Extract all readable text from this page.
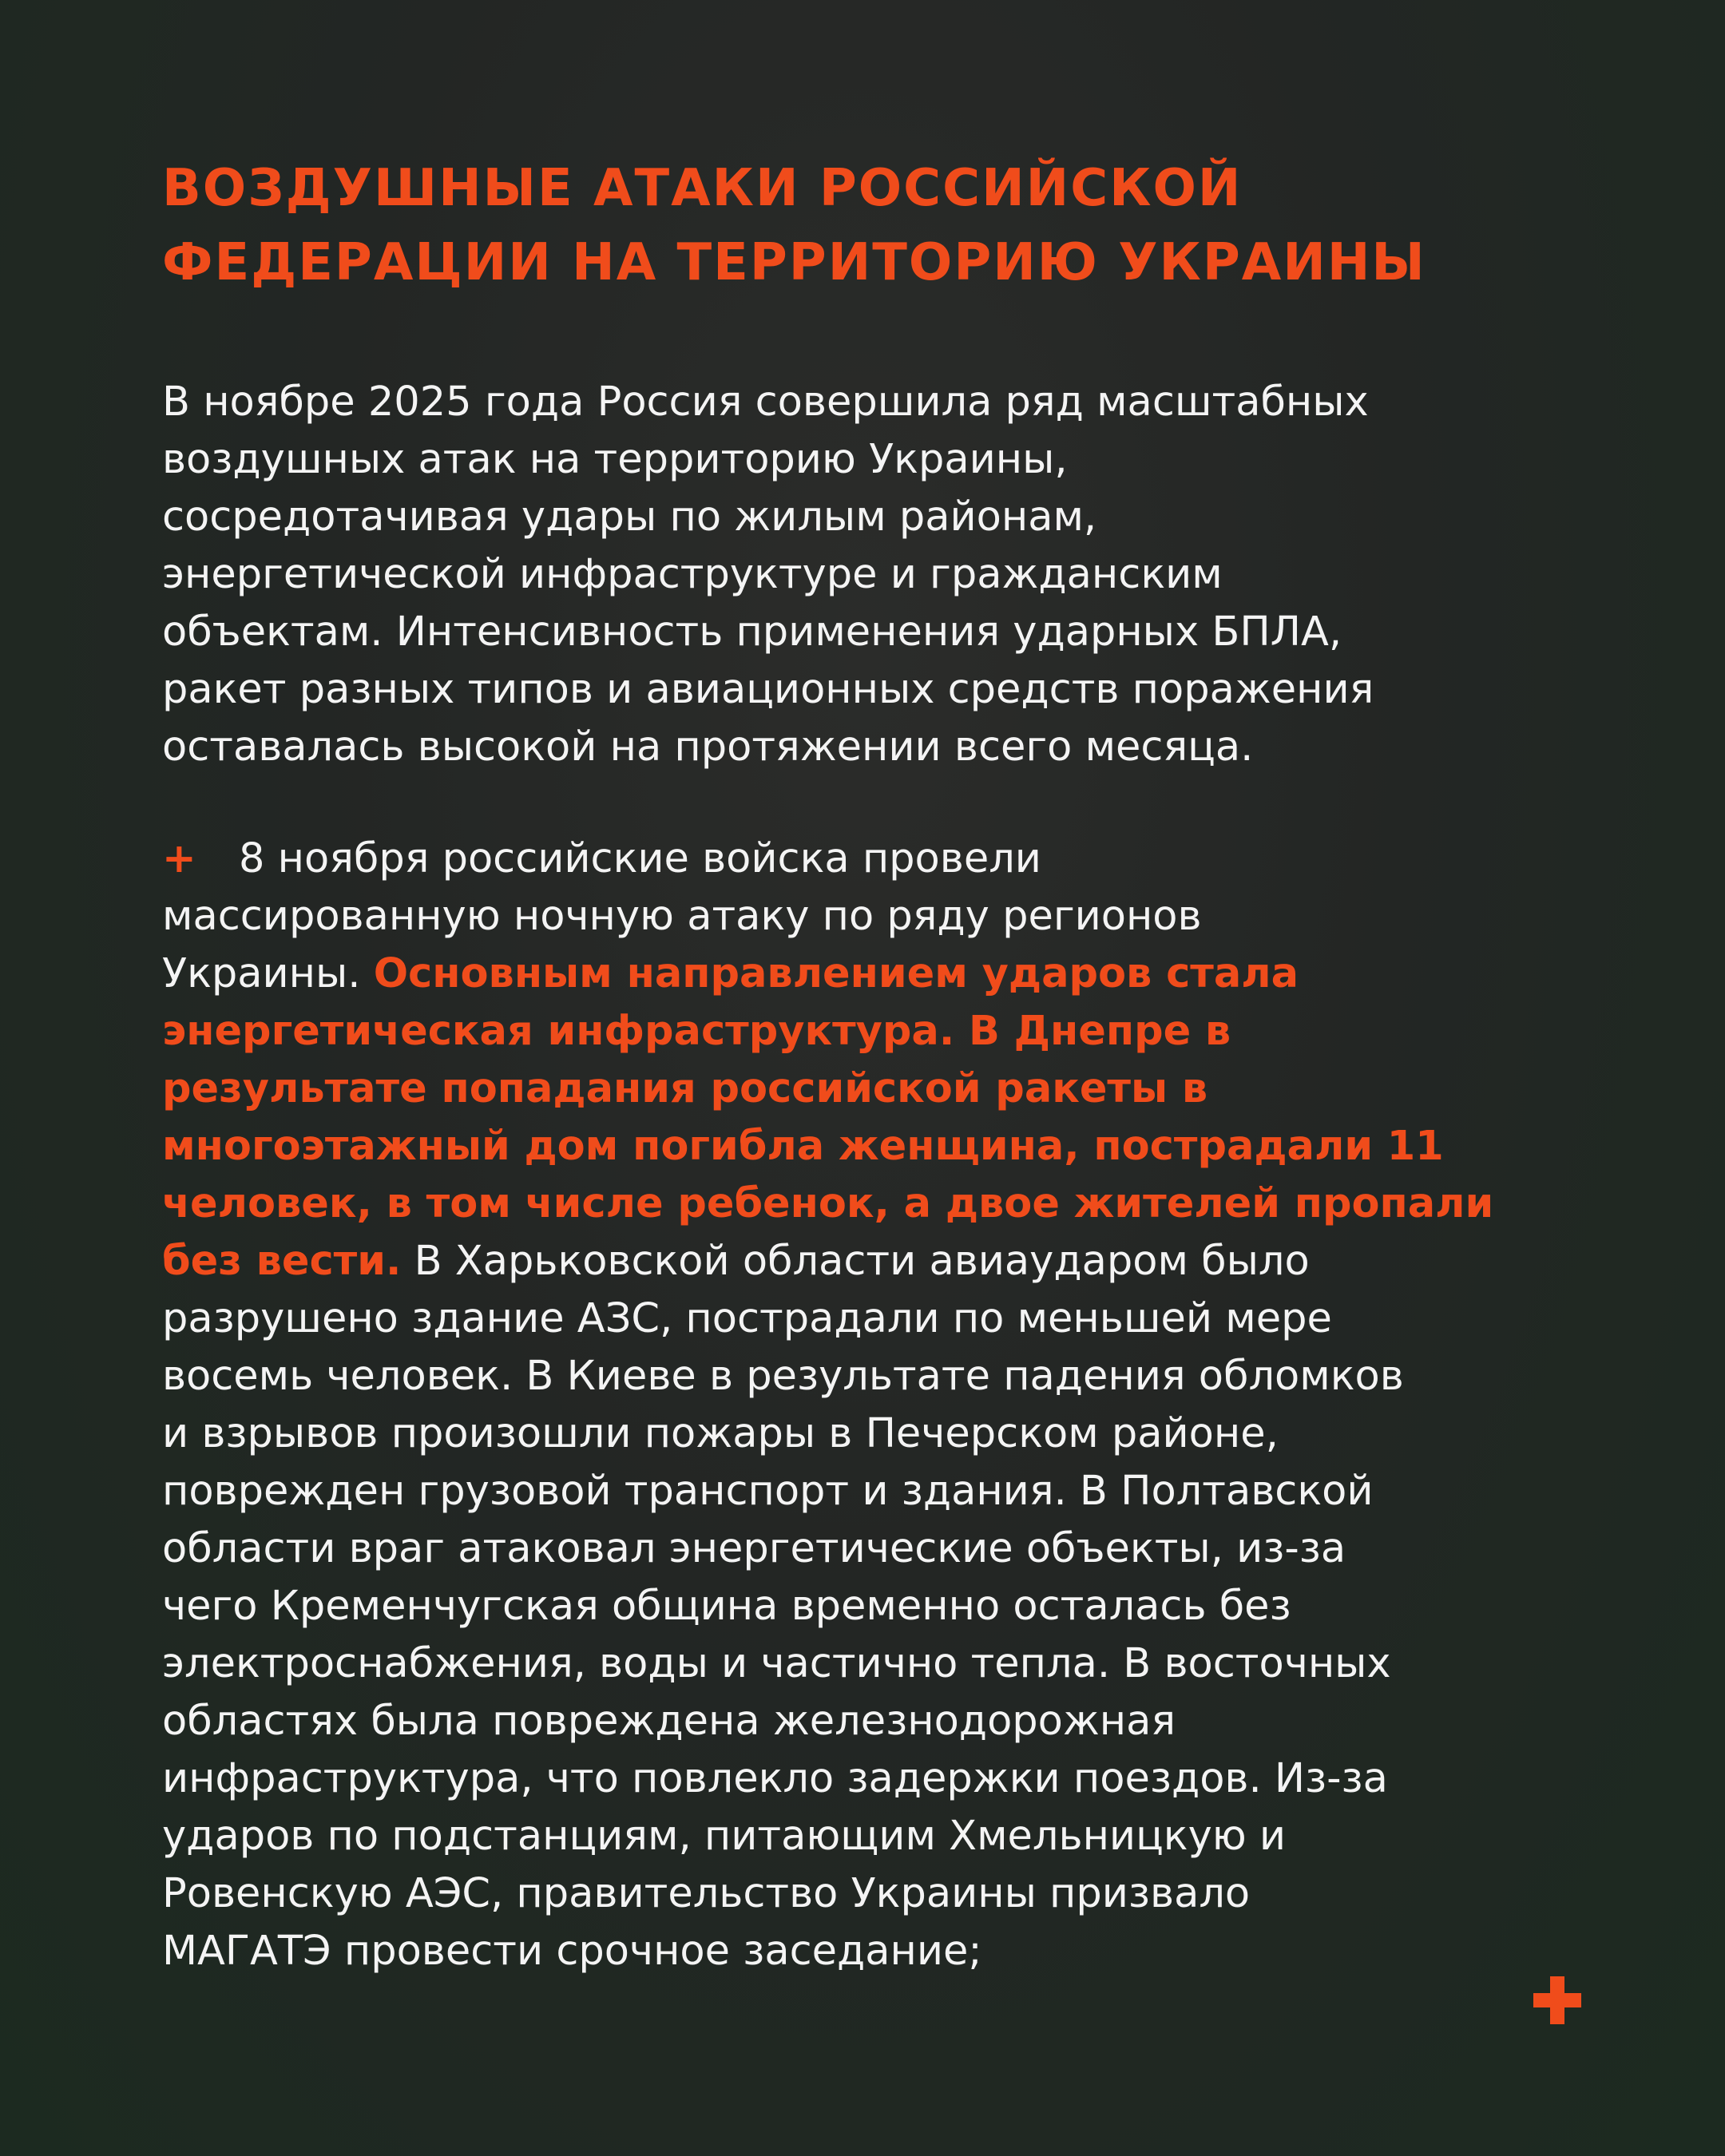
ВОЗДУШНЫЕ АТАКИ РОССИЙСКОЙ
ФЕДЕРАЦИИ НА ТЕРРИТОРИЮ УКРАИНЫ

В ноябре 2025 года Россия совершила ряд масштабных
воздушных атак на территорию Украины,
сосредотачивая удары по жилым районам,
энергетической инфраструктуре и гражданским
объектам. Интенсивность применения ударных БПЛА,
ракет разных типов и авиационных средств поражения
оставалась высокой на протяжении всего месяца.

+ 8 ноября российские войска провели
массированную ночную атаку по ряду регионов
Украины. Основным направлением ударов стала
энергетическая инфраструктура. В Днепре в
результате попадания российской ракеты в
многоэтажный дом погибла женщина, пострадали 11
человек, в том числе ребенок, а двое жителей пропали
без вести. В Харьковской области авиаударом было
разрушено здание АЗС, пострадали по меньшей мере
восемь человек. В Киеве в результате падения обломков
и взрывов произошли пожары в Печерском районе,
поврежден грузовой транспорт и здания. В Полтавской
области враг атаковал энергетические объекты, из-за
чего Кременчугская община временно осталась без
электроснабжения, воды и частично тепла. В восточных
областях была повреждена железнодорожная
инфраструктура, что повлекло задержки поездов. Из-за
ударов по подстанциям, питающим Хмельницкую и
Ровенскую АЭС, правительство Украины призвало
МАГАТЭ провести срочное заседание;
